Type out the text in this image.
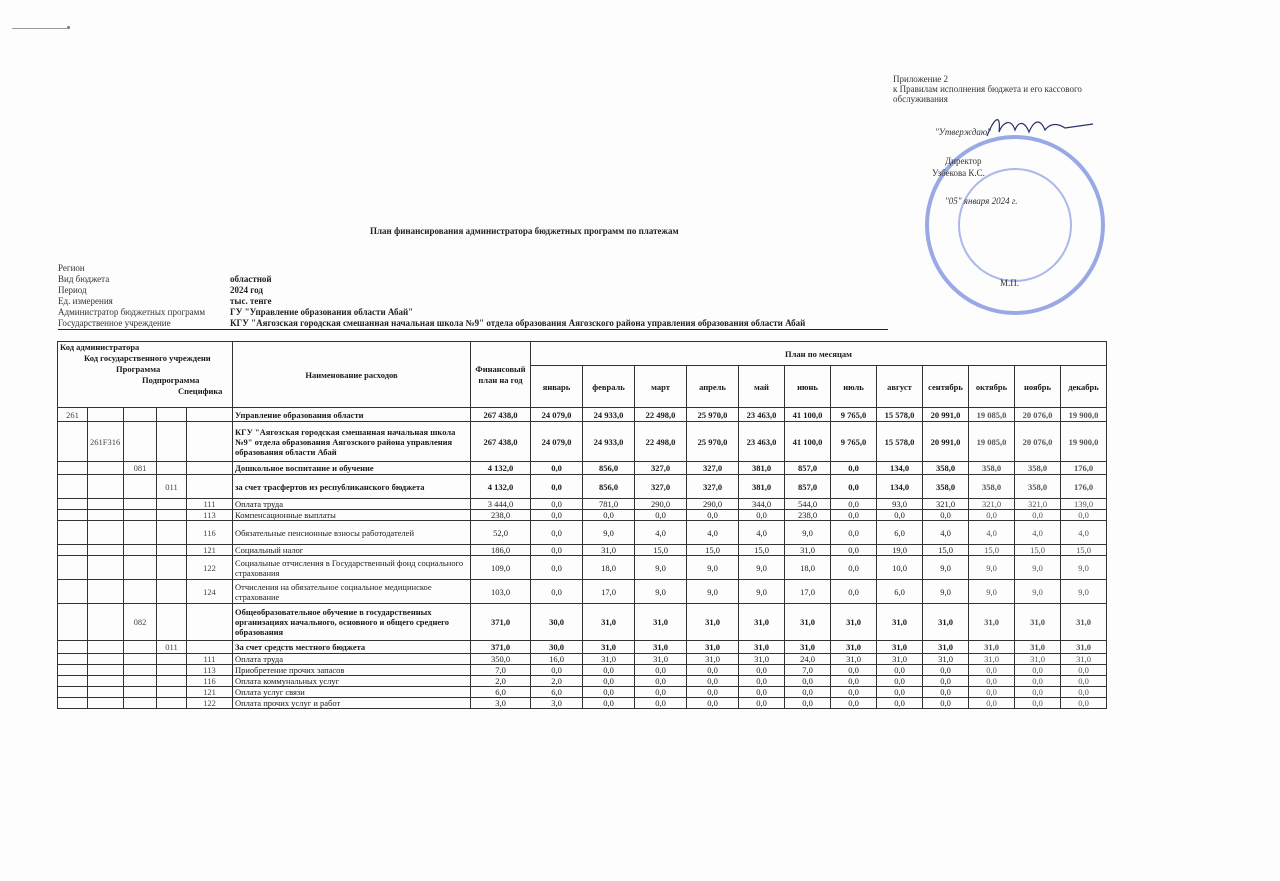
Приложение 2
к Правилам исполнения бюджета и его кассового обслуживания
"Утверждаю"
Директор
Узбекова К.С.
"05" января 2024 г.
М.П.
План финансирования администратора бюджетных программ по платежам
Регион
Вид бюджета	областной
Период	2024 год
Ед. измерения	тыс. тенге
Администратор бюджетных программ	ГУ "Управление образования области Абай"
Государственное учреждение	КГУ "Аягозская городская смешанная начальная школа №9" отдела образования Аягозского района управления образования области Абай
Код администратора
Код государственного учреждени
Программа
Подпрограмма
Специфика					Наименование расходов	Финансовый план на год	План по месяцам											
							январь	февраль	март	апрель	май	июнь	июль	август	сентябрь	октябрь	ноябрь	декабрь
261					Управление образования области	267 438,0	24 079,0	24 933,0	22 498,0	25 970,0	23 463,0	41 100,0	9 765,0	15 578,0	20 991,0	19 085,0	20 076,0	19 900,0
	261F316				КГУ "Аягозская городская смешанная начальная школа №9" отдела образования Аягозского района управления образования области Абай	267 438,0	24 079,0	24 933,0	22 498,0	25 970,0	23 463,0	41 100,0	9 765,0	15 578,0	20 991,0	19 085,0	20 076,0	19 900,0
		081			Дошкольное воспитание и обучение	4 132,0	0,0	856,0	327,0	327,0	381,0	857,0	0,0	134,0	358,0	358,0	358,0	176,0
			011		за счет трасфертов из республиканского бюджета	4 132,0	0,0	856,0	327,0	327,0	381,0	857,0	0,0	134,0	358,0	358,0	358,0	176,0
				111	Оплата труда	3 444,0	0,0	781,0	290,0	290,0	344,0	544,0	0,0	93,0	321,0	321,0	321,0	139,0
				113	Компенсационные выплаты	238,0	0,0	0,0	0,0	0,0	0,0	238,0	0,0	0,0	0,0	0,0	0,0	0,0
				116	Обязательные пенсионные взносы работодателей	52,0	0,0	9,0	4,0	4,0	4,0	9,0	0,0	6,0	4,0	4,0	4,0	4,0
				121	Социальный налог	186,0	0,0	31,0	15,0	15,0	15,0	31,0	0,0	19,0	15,0	15,0	15,0	15,0
				122	Социальные отчисления в Государственный фонд социального страхования	109,0	0,0	18,0	9,0	9,0	9,0	18,0	0,0	10,0	9,0	9,0	9,0	9,0
				124	Отчисления на обязательное социальное медицинское страхование	103,0	0,0	17,0	9,0	9,0	9,0	17,0	0,0	6,0	9,0	9,0	9,0	9,0
		082			Общеобразовательное обучение в государственных организациях начального, основного и общего среднего образования	371,0	30,0	31,0	31,0	31,0	31,0	31,0	31,0	31,0	31,0	31,0	31,0	31,0
			011		За счет средств местного бюджета	371,0	30,0	31,0	31,0	31,0	31,0	31,0	31,0	31,0	31,0	31,0	31,0	31,0
				111	Оплата труда	350,0	16,0	31,0	31,0	31,0	31,0	24,0	31,0	31,0	31,0	31,0	31,0	31,0
				113	Приобретение прочих запасов	7,0	0,0	0,0	0,0	0,0	0,0	7,0	0,0	0,0	0,0	0,0	0,0	0,0
				116	Оплата коммунальных услуг	2,0	2,0	0,0	0,0	0,0	0,0	0,0	0,0	0,0	0,0	0,0	0,0	0,0
				121	Оплата услуг связи	6,0	6,0	0,0	0,0	0,0	0,0	0,0	0,0	0,0	0,0	0,0	0,0	0,0
				122	Оплата прочих услуг и работ	3,0	3,0	0,0	0,0	0,0	0,0	0,0	0,0	0,0	0,0	0,0	0,0	0,0
